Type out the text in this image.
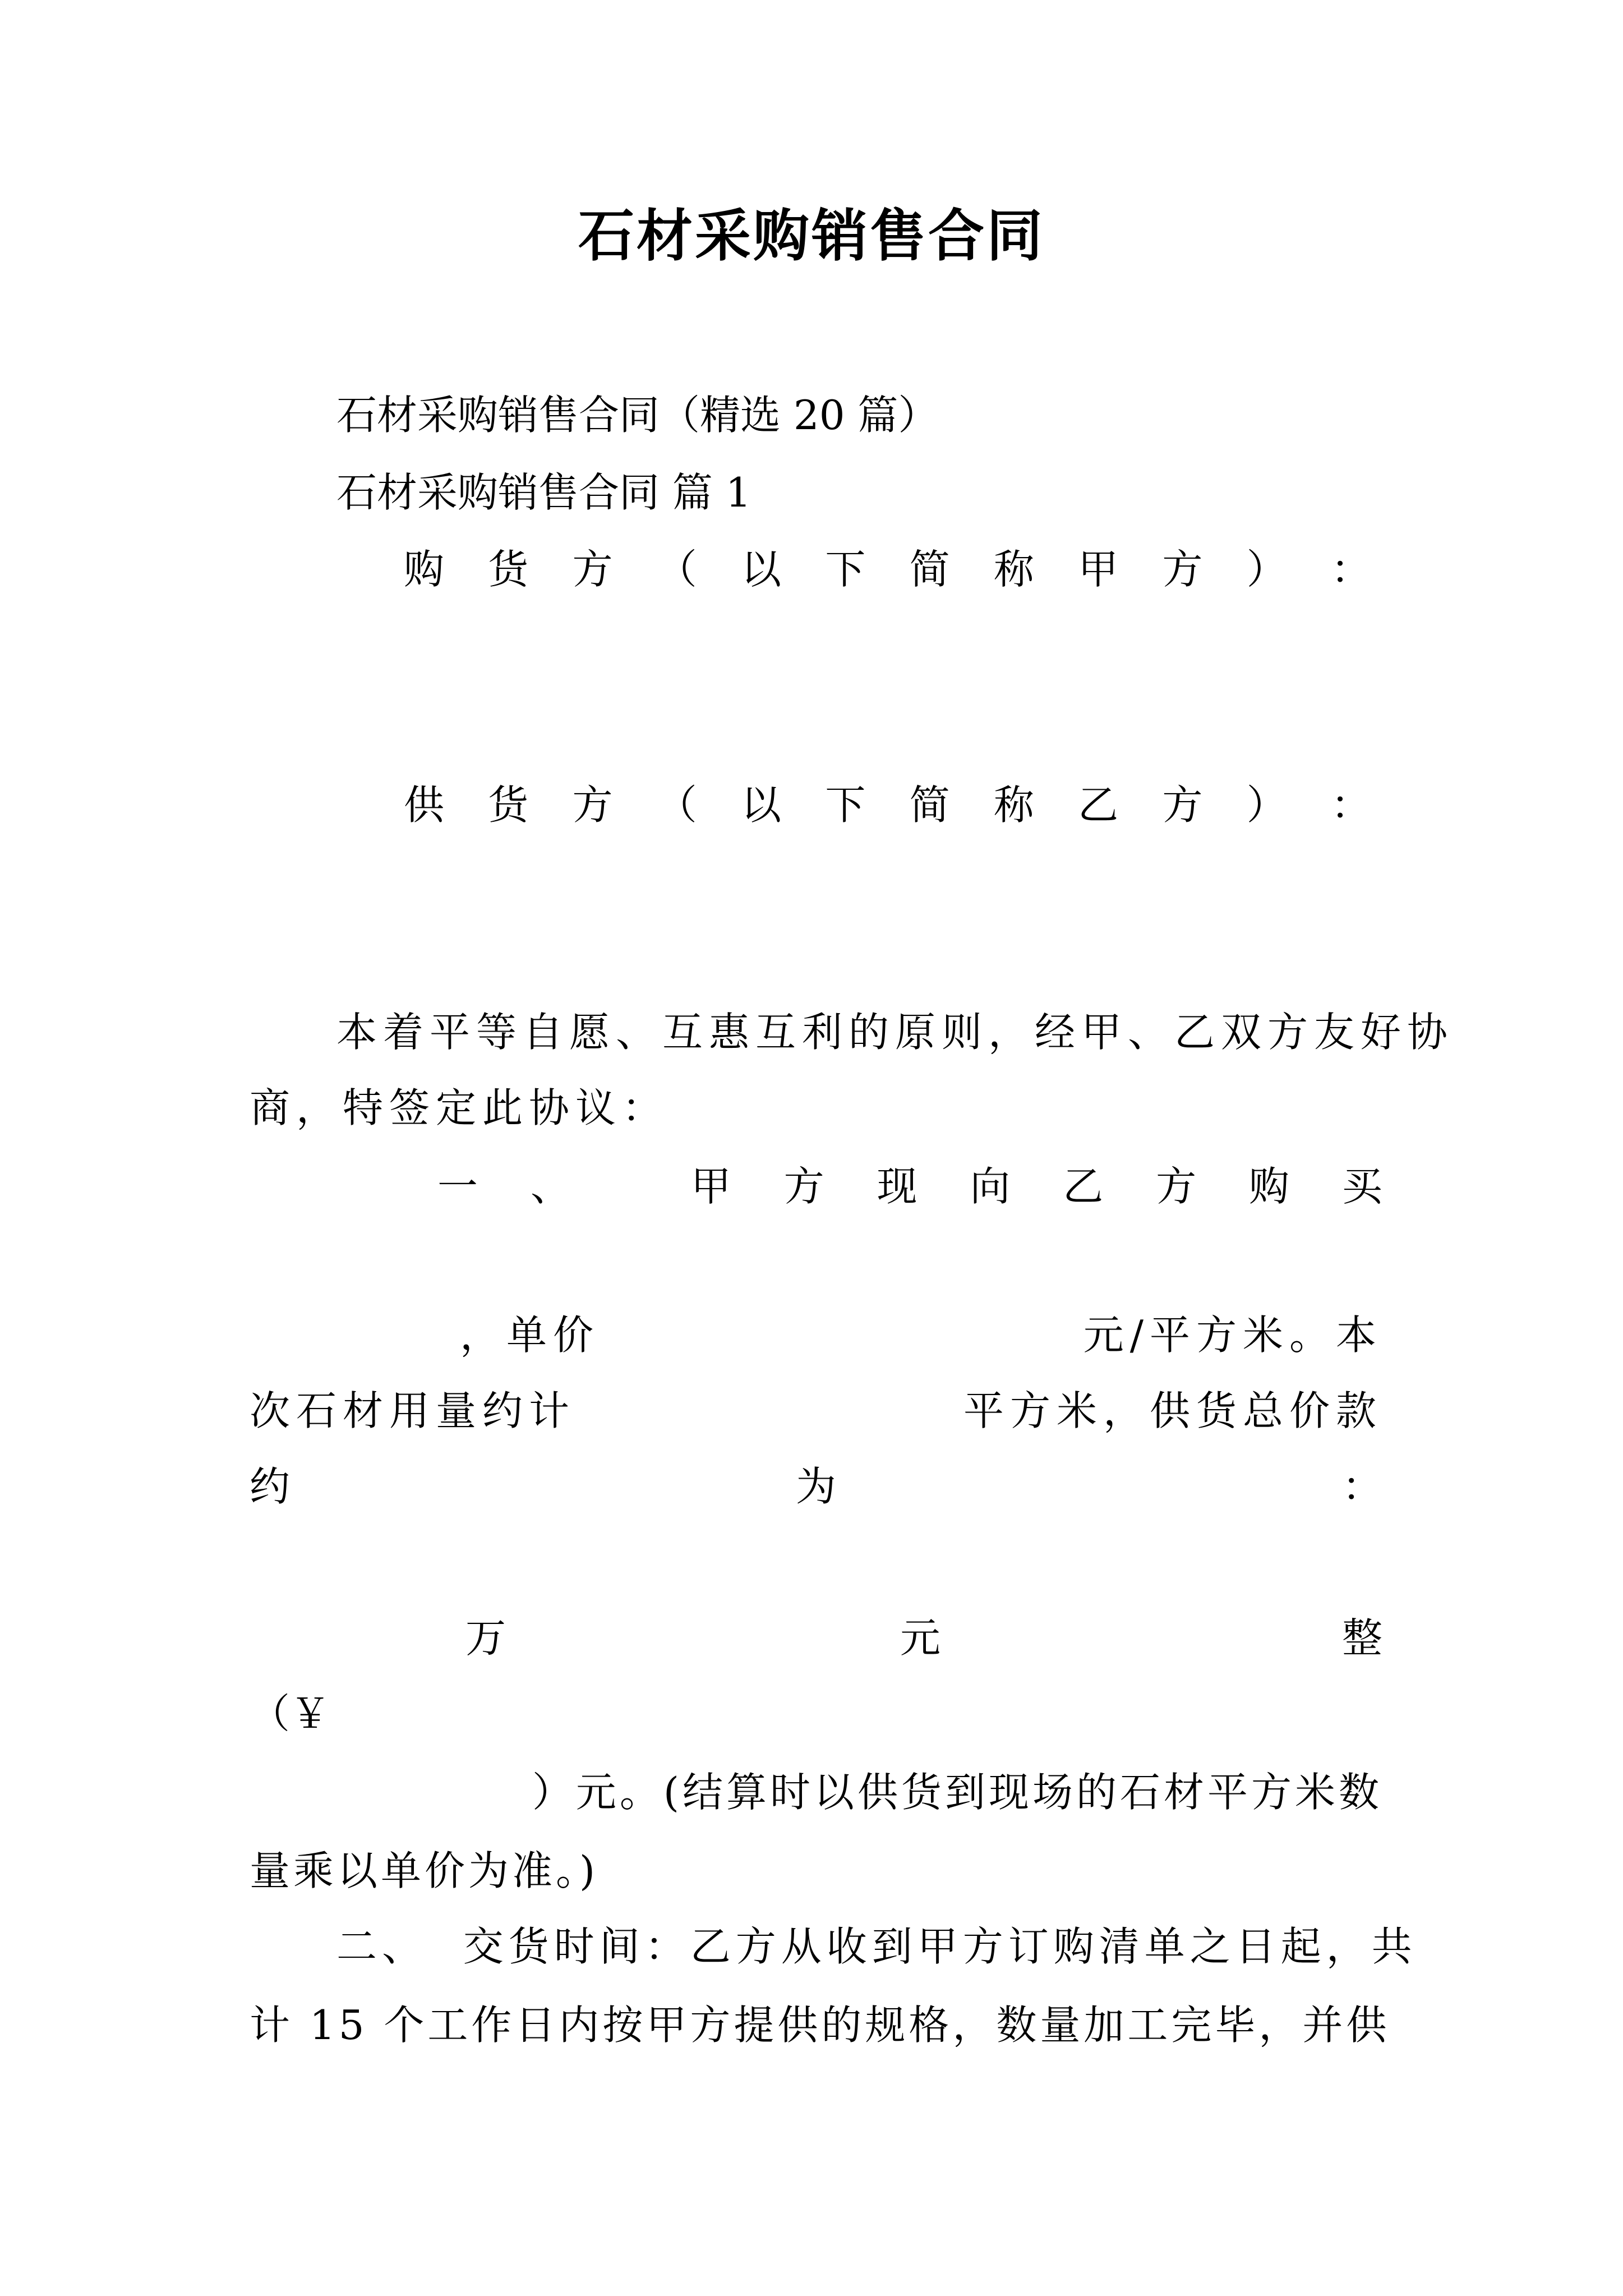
石材采购销售合同
石材采购销售合同（精选 20 篇）
石材采购销售合同 篇 1
购 货 方 （ 以 下 简 称 甲 方 ） ：
供 货 方 （ 以 下 简 称 乙 方 ） ：
本着平等自愿、互惠互利的原则，经甲、乙双方友好协
商，特签定此协议：
一 、	甲 方 现 向 乙 方 购 买
，单价	元/平方米。本
次石材用量约计	平方米，供货总价款
约	为	：
万	元	整
（￥
）元。(结算时以供货到现场的石材平方米数
量乘以单价为准。)
二、  交货时间：乙方从收到甲方订购清单之日起，共
计 15 个工作日内按甲方提供的规格，数量加工完毕，并供
